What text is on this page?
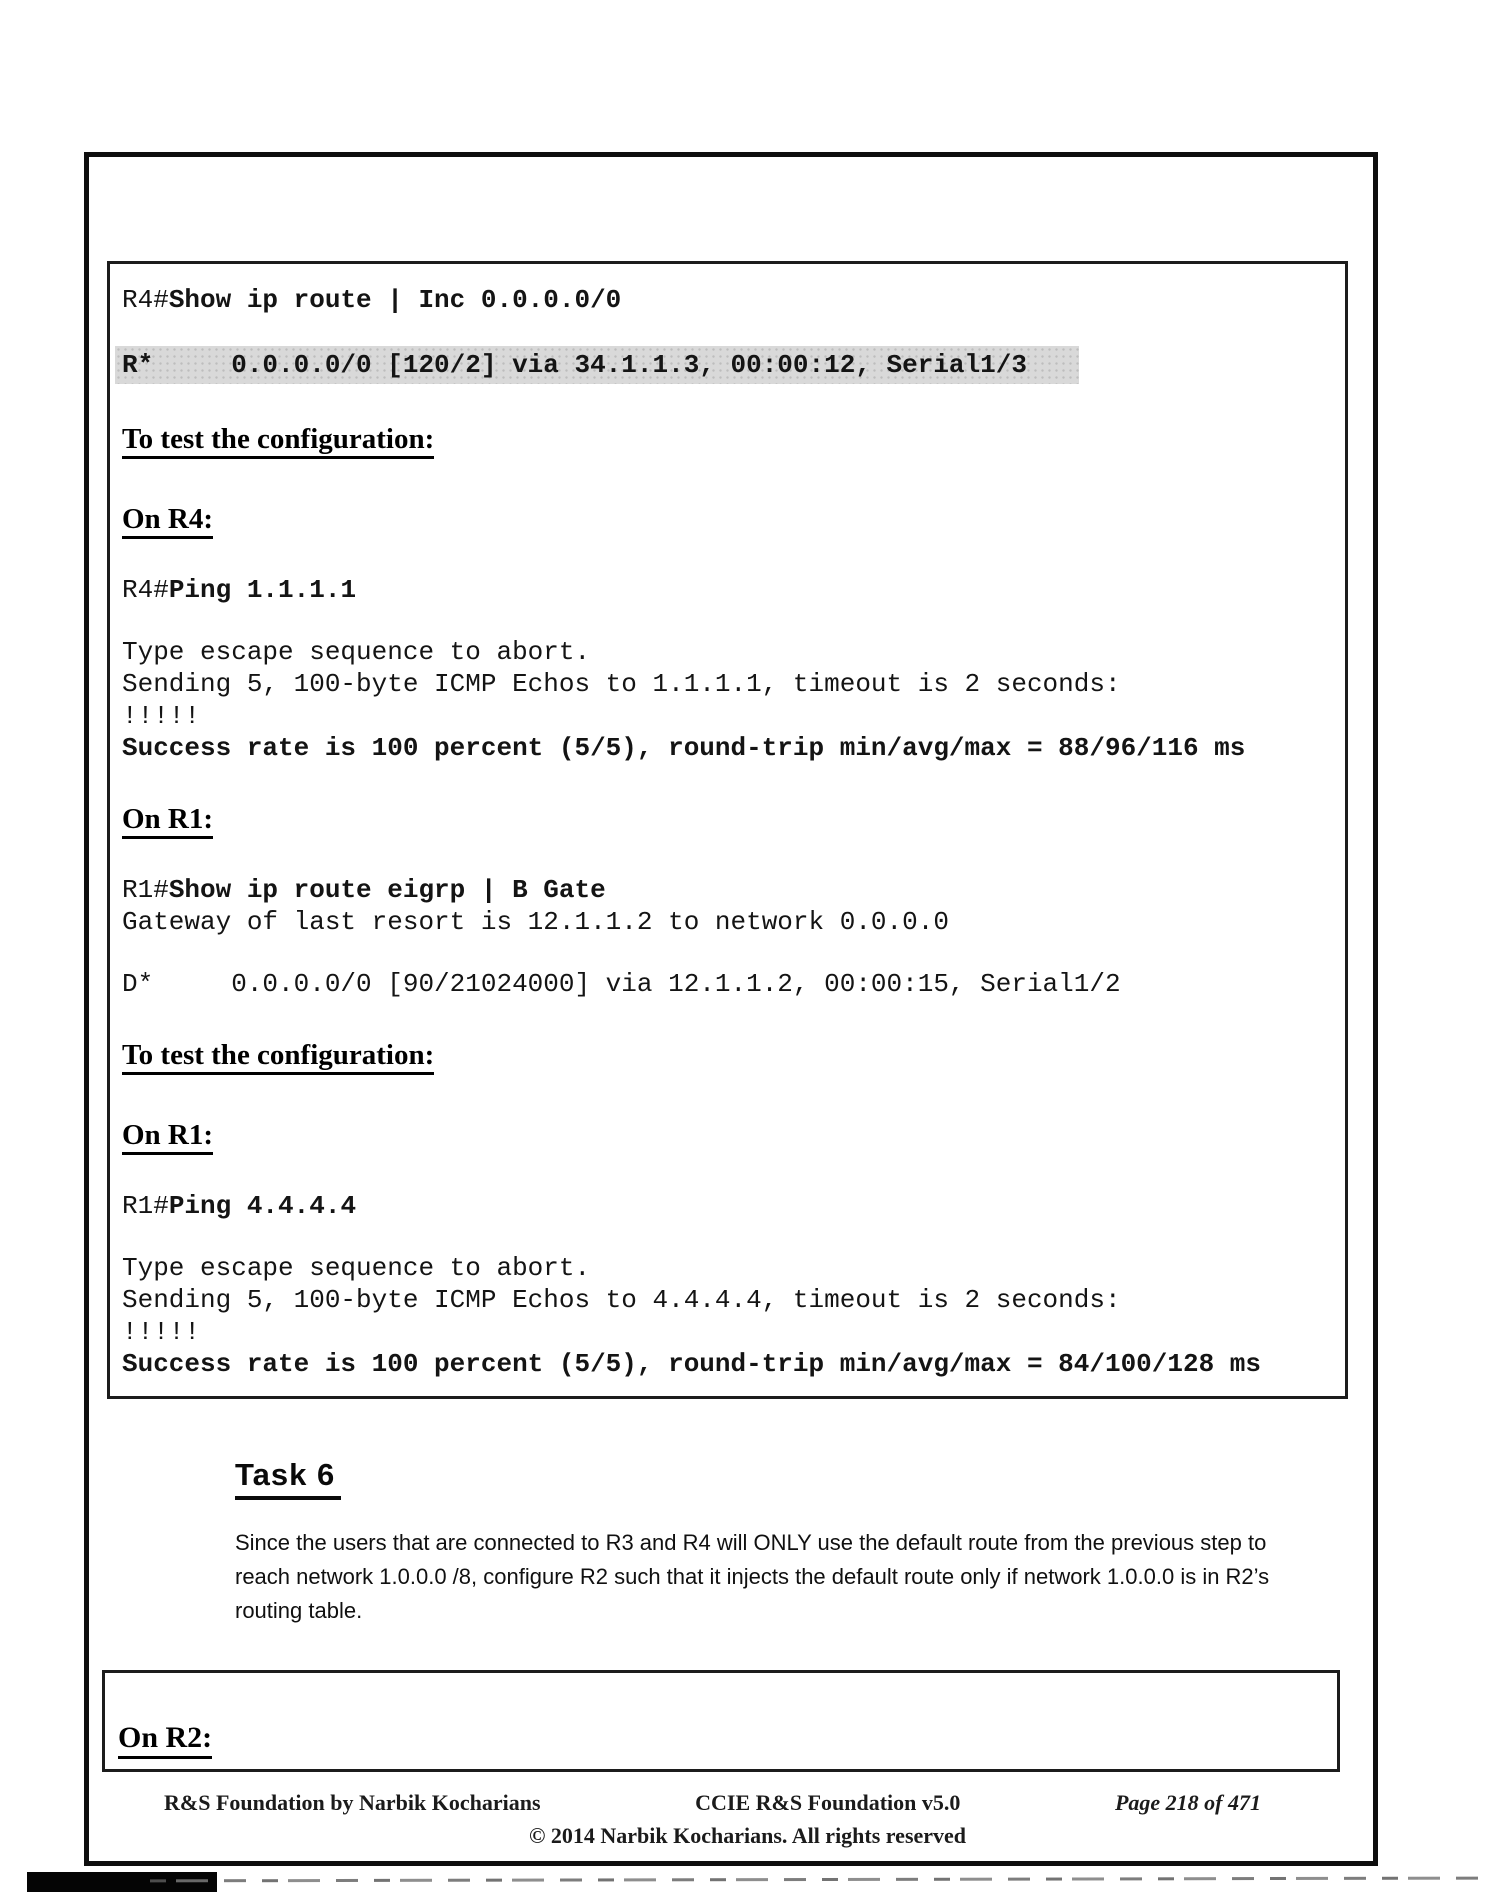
R4#Show ip route | Inc 0.0.0.0/0
R*     0.0.0.0/0 [120/2] via 34.1.1.3, 00:00:12, Serial1/3
To test the configuration:
On R4:
R4#Ping 1.1.1.1
Type escape sequence to abort.
Sending 5, 100-byte ICMP Echos to 1.1.1.1, timeout is 2 seconds:
!!!!!
Success rate is 100 percent (5/5), round-trip min/avg/max = 88/96/116 ms
On R1:
R1#Show ip route eigrp | B Gate
Gateway of last resort is 12.1.1.2 to network 0.0.0.0
D*     0.0.0.0/0 [90/21024000] via 12.1.1.2, 00:00:15, Serial1/2
To test the configuration:
On R1:
R1#Ping 4.4.4.4
Type escape sequence to abort.
Sending 5, 100-byte ICMP Echos to 4.4.4.4, timeout is 2 seconds:
!!!!!
Success rate is 100 percent (5/5), round-trip min/avg/max = 84/100/128 ms
Task 6
Since the users that are connected to R3 and R4 will ONLY use the default route from the previous step to reach network 1.0.0.0 /8, configure R2 such that it injects the default route only if network 1.0.0.0 is in R2’s routing table.
On R2:
R&S Foundation by Narbik Kocharians	CCIE R&S Foundation v5.0	Page 218 of 471
© 2014 Narbik Kocharians. All rights reserved
